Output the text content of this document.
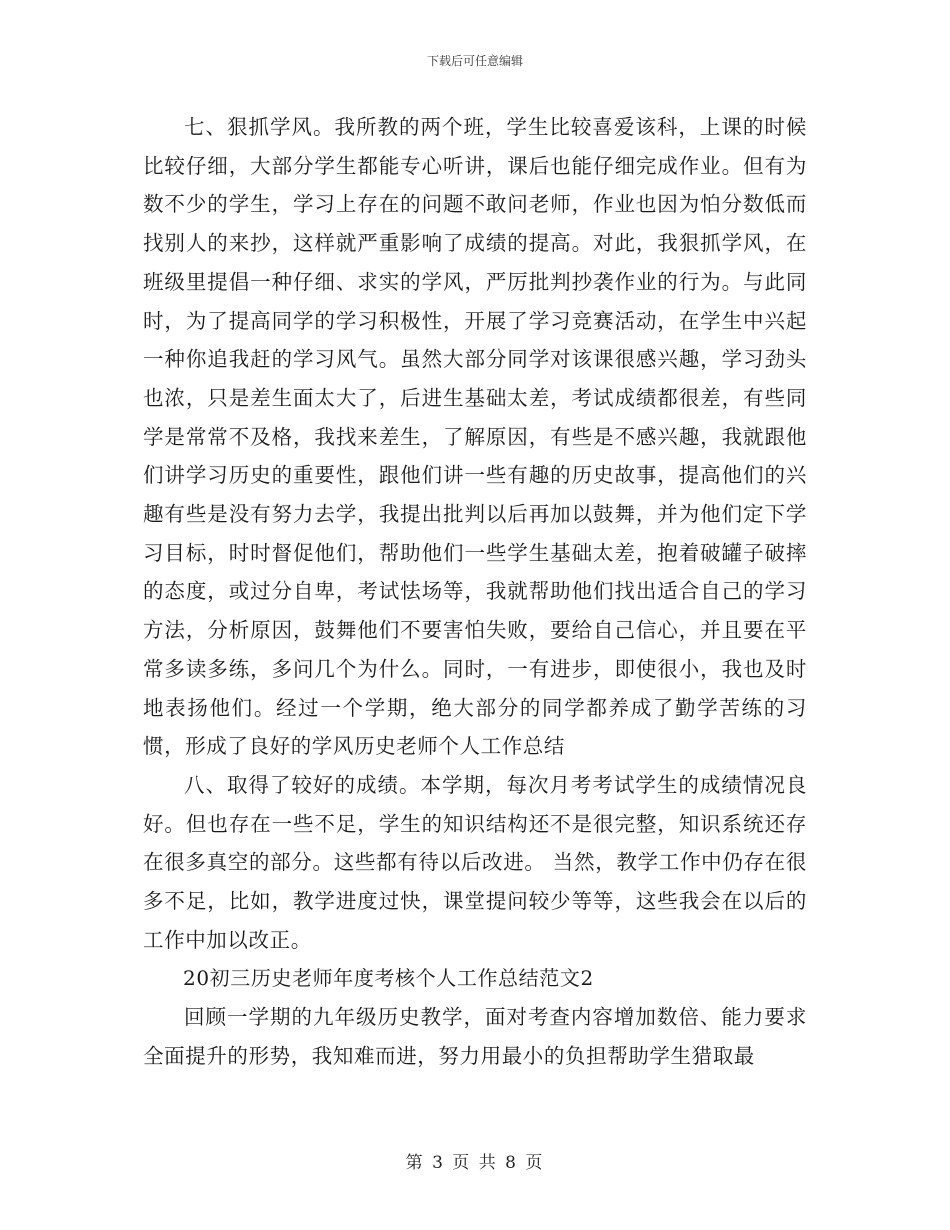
下载后可任意编辑

七、狠抓学风。我所教的两个班，学生比较喜爱该科，上课的时候比较仔细，大部分学生都能专心听讲，课后也能仔细完成作业。但有为数不少的学生，学习上存在的问题不敢问老师，作业也因为怕分数低而找别人的来抄，这样就严重影响了成绩的提高。对此，我狠抓学风，在班级里提倡一种仔细、求实的学风，严厉批判抄袭作业的行为。与此同时，为了提高同学的学习积极性，开展了学习竞赛活动，在学生中兴起一种你追我赶的学习风气。虽然大部分同学对该课很感兴趣，学习劲头也浓，只是差生面太大了，后进生基础太差，考试成绩都很差，有些同学是常常不及格，我找来差生，了解原因，有些是不感兴趣，我就跟他们讲学习历史的重要性，跟他们讲一些有趣的历史故事，提高他们的兴趣有些是没有努力去学，我提出批判以后再加以鼓舞，并为他们定下学习目标，时时督促他们，帮助他们一些学生基础太差，抱着破罐子破摔的态度，或过分自卑，考试怯场等，我就帮助他们找出适合自己的学习方法，分析原因，鼓舞他们不要害怕失败，要给自己信心，并且要在平常多读多练，多问几个为什么。同时，一有进步，即使很小，我也及时地表扬他们。经过一个学期，绝大部分的同学都养成了勤学苦练的习惯，形成了良好的学风历史老师个人工作总结

八、取得了较好的成绩。本学期，每次月考考试学生的成绩情况良好。但也存在一些不足，学生的知识结构还不是很完整，知识系统还存在很多真空的部分。这些都有待以后改进。 当然，教学工作中仍存在很多不足，比如，教学进度过快，课堂提问较少等等，这些我会在以后的工作中加以改正。

20初三历史老师年度考核个人工作总结范文2

回顾一学期的九年级历史教学，面对考查内容增加数倍、能力要求全面提升的形势，我知难而进，努力用最小的负担帮助学生猎取最

第 3 页 共 8 页
